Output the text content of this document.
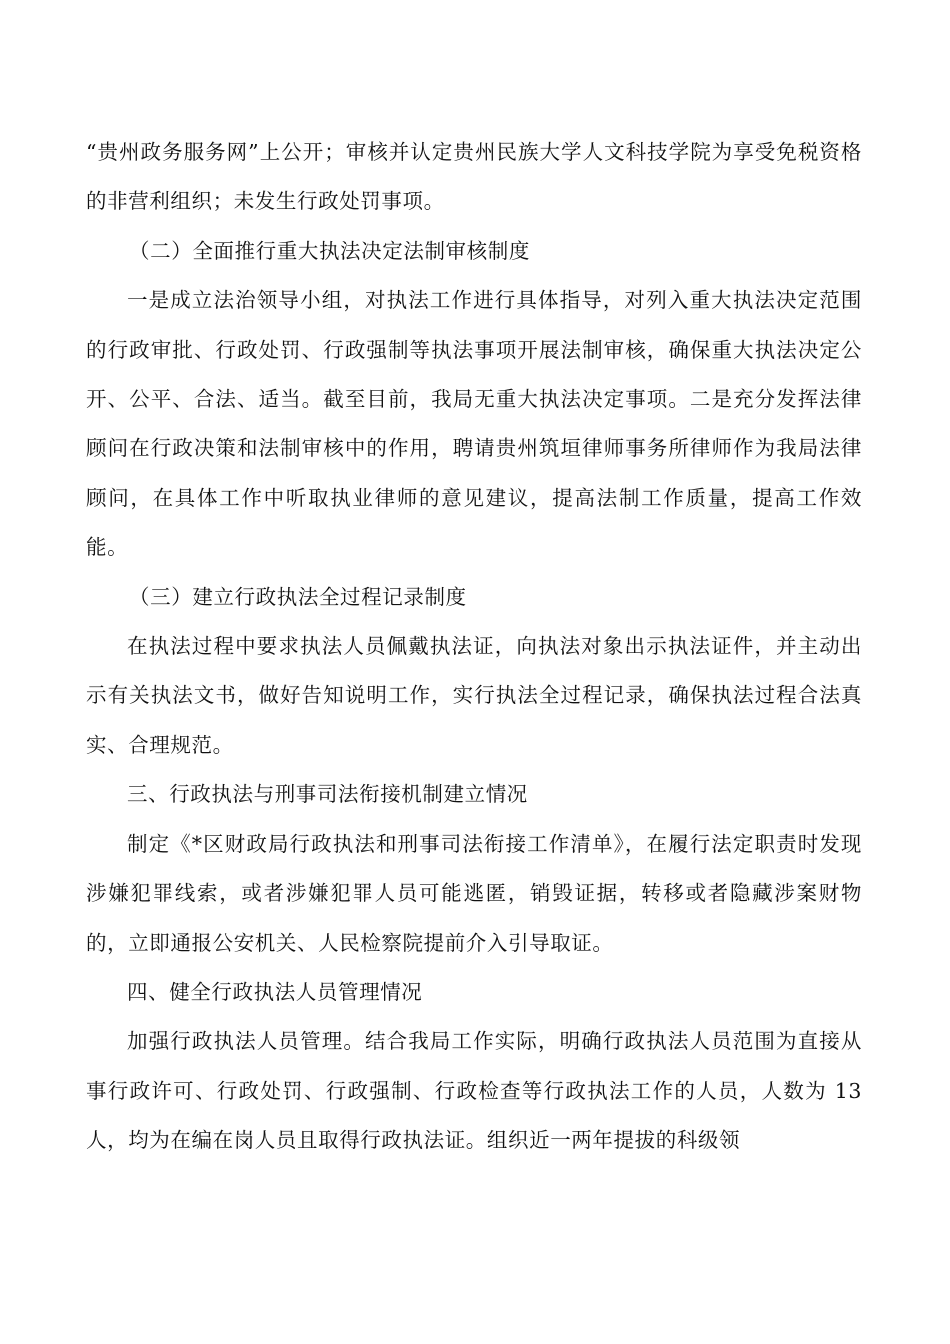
“贵州政务服务网”上公开；审核并认定贵州民族大学人文科技学院为享受免税资格的非营利组织；未发生行政处罚事项。

（二）全面推行重大执法决定法制审核制度

一是成立法治领导小组，对执法工作进行具体指导，对列入重大执法决定范围的行政审批、行政处罚、行政强制等执法事项开展法制审核，确保重大执法决定公开、公平、合法、适当。截至目前，我局无重大执法决定事项。二是充分发挥法律顾问在行政决策和法制审核中的作用，聘请贵州筑垣律师事务所律师作为我局法律顾问，在具体工作中听取执业律师的意见建议，提高法制工作质量，提高工作效能。

（三）建立行政执法全过程记录制度

在执法过程中要求执法人员佩戴执法证，向执法对象出示执法证件，并主动出示有关执法文书，做好告知说明工作，实行执法全过程记录，确保执法过程合法真实、合理规范。

三、行政执法与刑事司法衔接机制建立情况

制定《*区财政局行政执法和刑事司法衔接工作清单》，在履行法定职责时发现涉嫌犯罪线索，或者涉嫌犯罪人员可能逃匿，销毁证据，转移或者隐藏涉案财物的，立即通报公安机关、人民检察院提前介入引导取证。

四、健全行政执法人员管理情况

加强行政执法人员管理。结合我局工作实际，明确行政执法人员范围为直接从事行政许可、行政处罚、行政强制、行政检查等行政执法工作的人员，人数为 13 人，均为在编在岗人员且取得行政执法证。组织近一两年提拔的科级领
